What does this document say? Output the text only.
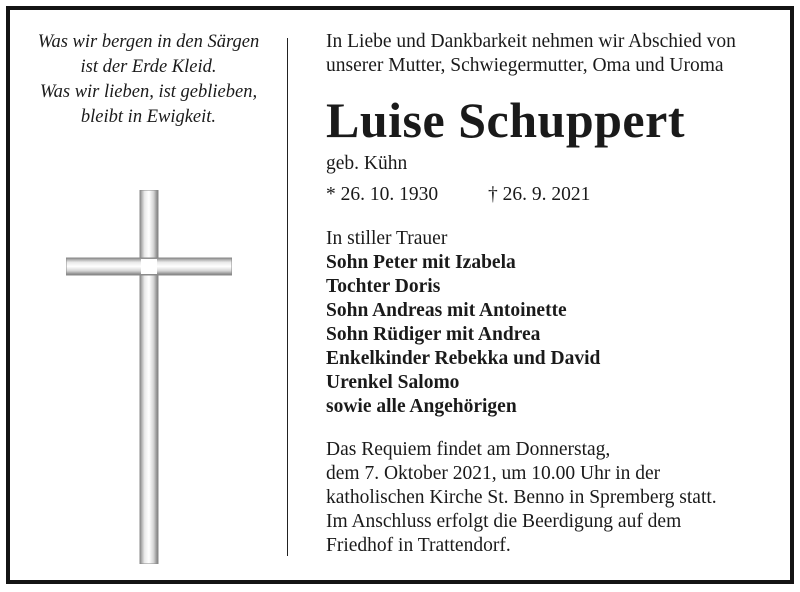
Was wir bergen in den Särgen
ist der Erde Kleid.
Was wir lieben, ist geblieben,
bleibt in Ewigkeit.
In Liebe und Dankbarkeit nehmen wir Abschied von
unserer Mutter, Schwiegermutter, Oma und Uroma
Luise Schuppert
geb. Kühn
* 26. 10. 1930	† 26. 9. 2021
In stiller Trauer
Sohn Peter mit Izabela
Tochter Doris
Sohn Andreas mit Antoinette
Sohn Rüdiger mit Andrea
Enkelkinder Rebekka und David
Urenkel Salomo
sowie alle Angehörigen
Das Requiem findet am Donnerstag,
dem 7. Oktober 2021, um 10.00 Uhr in der
katholischen Kirche St. Benno in Spremberg statt.
Im Anschluss erfolgt die Beerdigung auf dem
Friedhof in Trattendorf.
